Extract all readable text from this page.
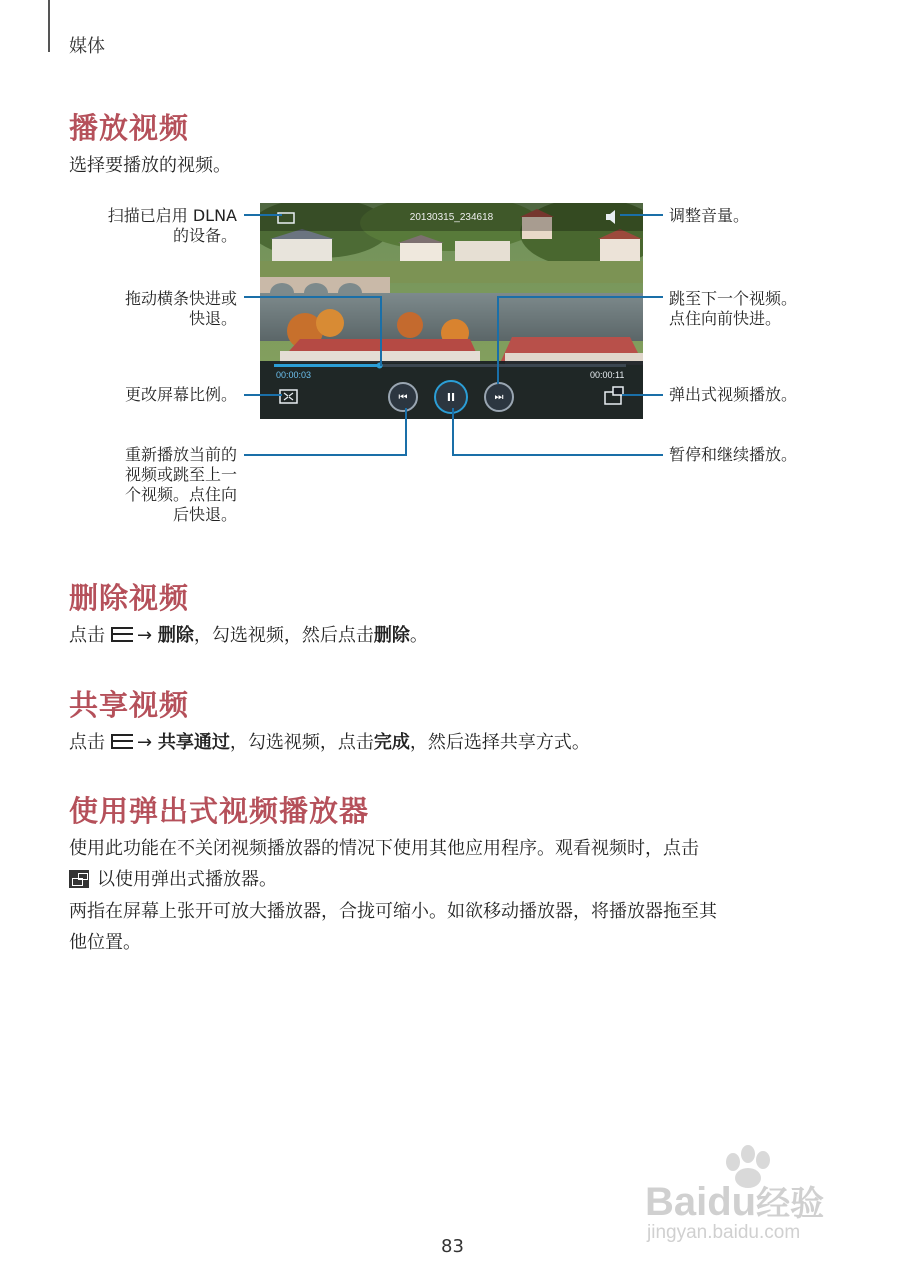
媒体
播放视频

选择要播放的视频。

20130315_234618
00:00:03	00:00:11
⏮	II	⏭
扫描已启用 DLNA
的设备。
拖动横条快进或
快退。
更改屏幕比例。
重新播放当前的
视频或跳至上一
个视频。点住向
后快退。
调整音量。
跳至下一个视频。
点住向前快进。
弹出式视频播放。
暂停和继续播放。
删除视频

点击 → 删除，勾选视频，然后点击删除。

共享视频

点击 → 共享通过，勾选视频，点击完成，然后选择共享方式。

使用弹出式视频播放器

使用此功能在不关闭视频播放器的情况下使用其他应用程序。观看视频时，点击

以使用弹出式播放器。

两指在屏幕上张开可放大播放器，合拢可缩小。如欲移动播放器，将播放器拖至其
他位置。

Baidu经验
jingyan.baidu.com
83
